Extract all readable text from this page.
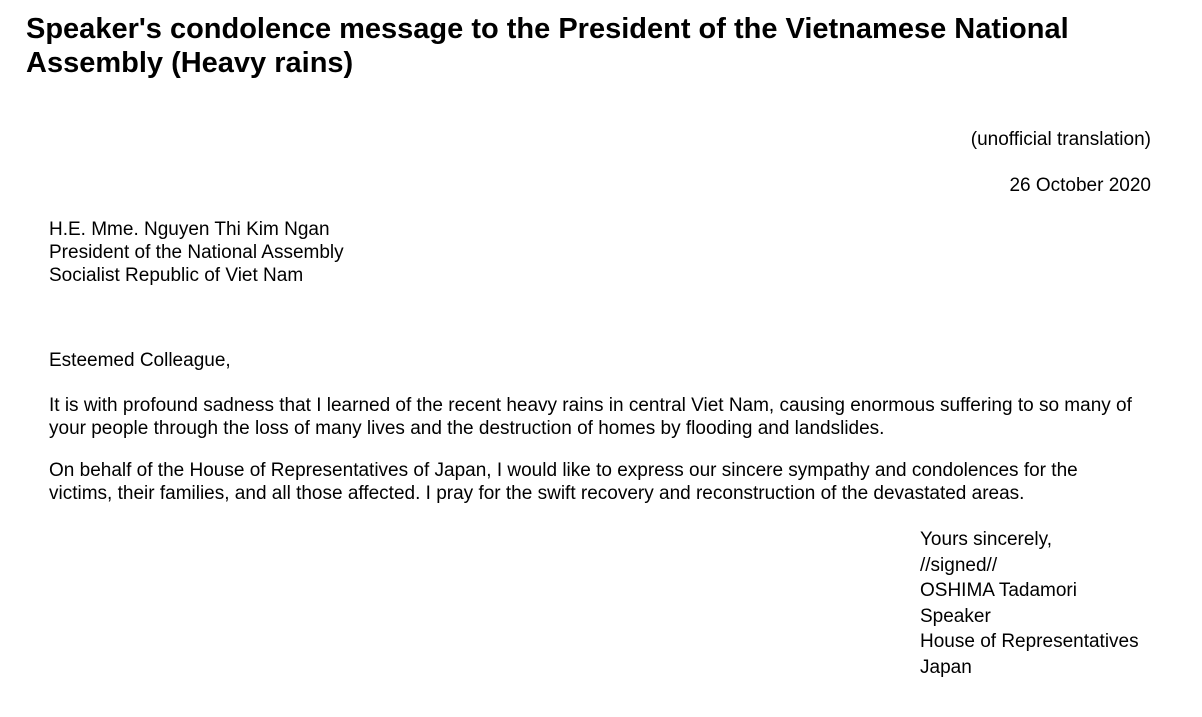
Speaker's condolence message to the President of the Vietnamese National Assembly (Heavy rains)
(unofficial translation)
26 October 2020
H.E. Mme. Nguyen Thi Kim Ngan
President of the National Assembly
Socialist Republic of Viet Nam

Esteemed Colleague,

It is with profound sadness that I learned of the recent heavy rains in central Viet Nam, causing enormous suffering to so many of your people through the loss of many lives and the destruction of homes by flooding and landslides.

On behalf of the House of Representatives of Japan, I would like to express our sincere sympathy and condolences for the victims, their families, and all those affected. I pray for the swift recovery and reconstruction of the devastated areas.

Yours sincerely,
//signed//
OSHIMA Tadamori
Speaker
House of Representatives
Japan
